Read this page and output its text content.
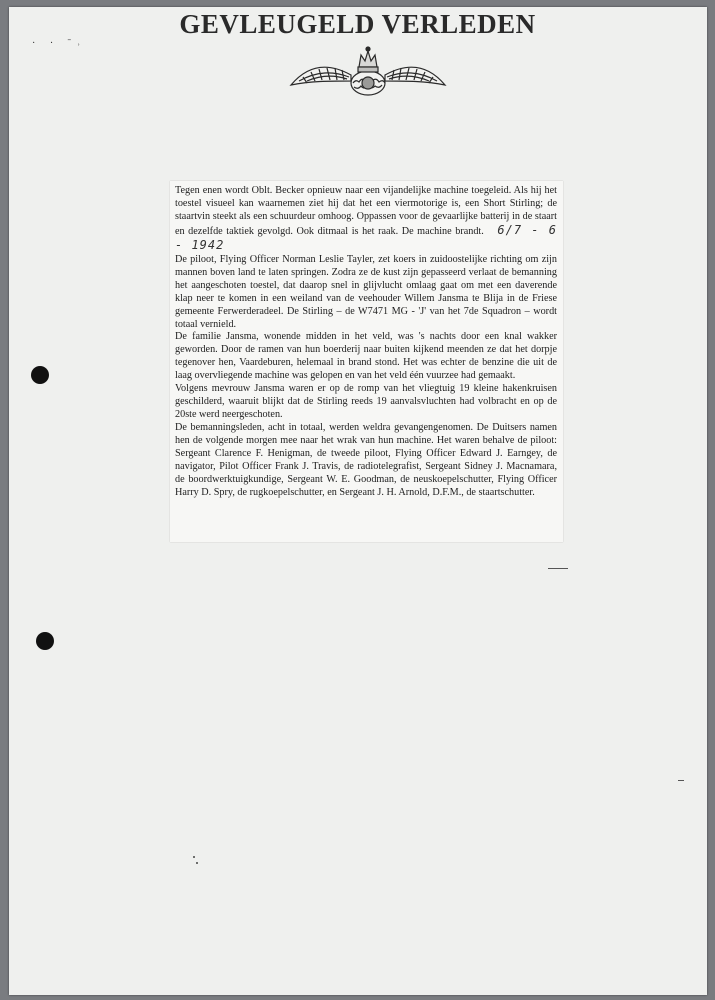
· · ˉ˒
GEVLEUGELD VERLEDEN

Tegen enen wordt Oblt. Becker opnieuw naar een vijandelijke machine toegeleid. Als hij het toestel visueel kan waarnemen ziet hij dat het een viermotorige is, een Short Stirling; de staartvin steekt als een schuurdeur omhoog. Oppassen voor de gevaarlijke batterij in de staart en dezelfde taktiek gevolgd. Ook ditmaal is het raak. De machine brandt. 6/7 - 6 - 1942

De piloot, Flying Officer Norman Leslie Tayler, zet koers in zuidoostelijke richting om zijn mannen boven land te laten springen. Zodra ze de kust zijn gepasseerd verlaat de bemanning het aangeschoten toestel, dat daarop snel in glijvlucht omlaag gaat om met een daverende klap neer te komen in een weiland van de veehouder Willem Jansma te Blija in de Friese gemeente Ferwerderadeel. De Stirling – de W7471 MG - 'J' van het 7de Squadron – wordt totaal vernield.

De familie Jansma, wonende midden in het veld, was 's nachts door een knal wakker geworden. Door de ramen van hun boerderij naar buiten kijkend meenden ze dat het dorpje tegenover hen, Vaardeburen, helemaal in brand stond. Het was echter de benzine die uit de laag overvliegende machine was gelopen en van het veld één vuurzee had gemaakt.

Volgens mevrouw Jansma waren er op de romp van het vliegtuig 19 kleine hakenkruisen geschilderd, waaruit blijkt dat de Stirling reeds 19 aanvalsvluchten had volbracht en op de 20ste werd neergeschoten.

De bemanningsleden, acht in totaal, werden weldra gevangengenomen. De Duitsers namen hen de volgende morgen mee naar het wrak van hun machine. Het waren behalve de piloot: Sergeant Clarence F. Henigman, de tweede piloot, Flying Officer Edward J. Earngey, de navigator, Pilot Officer Frank J. Travis, de radiotelegrafist, Sergeant Sidney J. Macnamara, de boordwerktuigkundige, Sergeant W. E. Goodman, de neuskoepelschutter, Flying Officer Harry D. Spry, de rugkoepelschutter, en Sergeant J. H. Arnold, D.F.M., de staartschutter.
